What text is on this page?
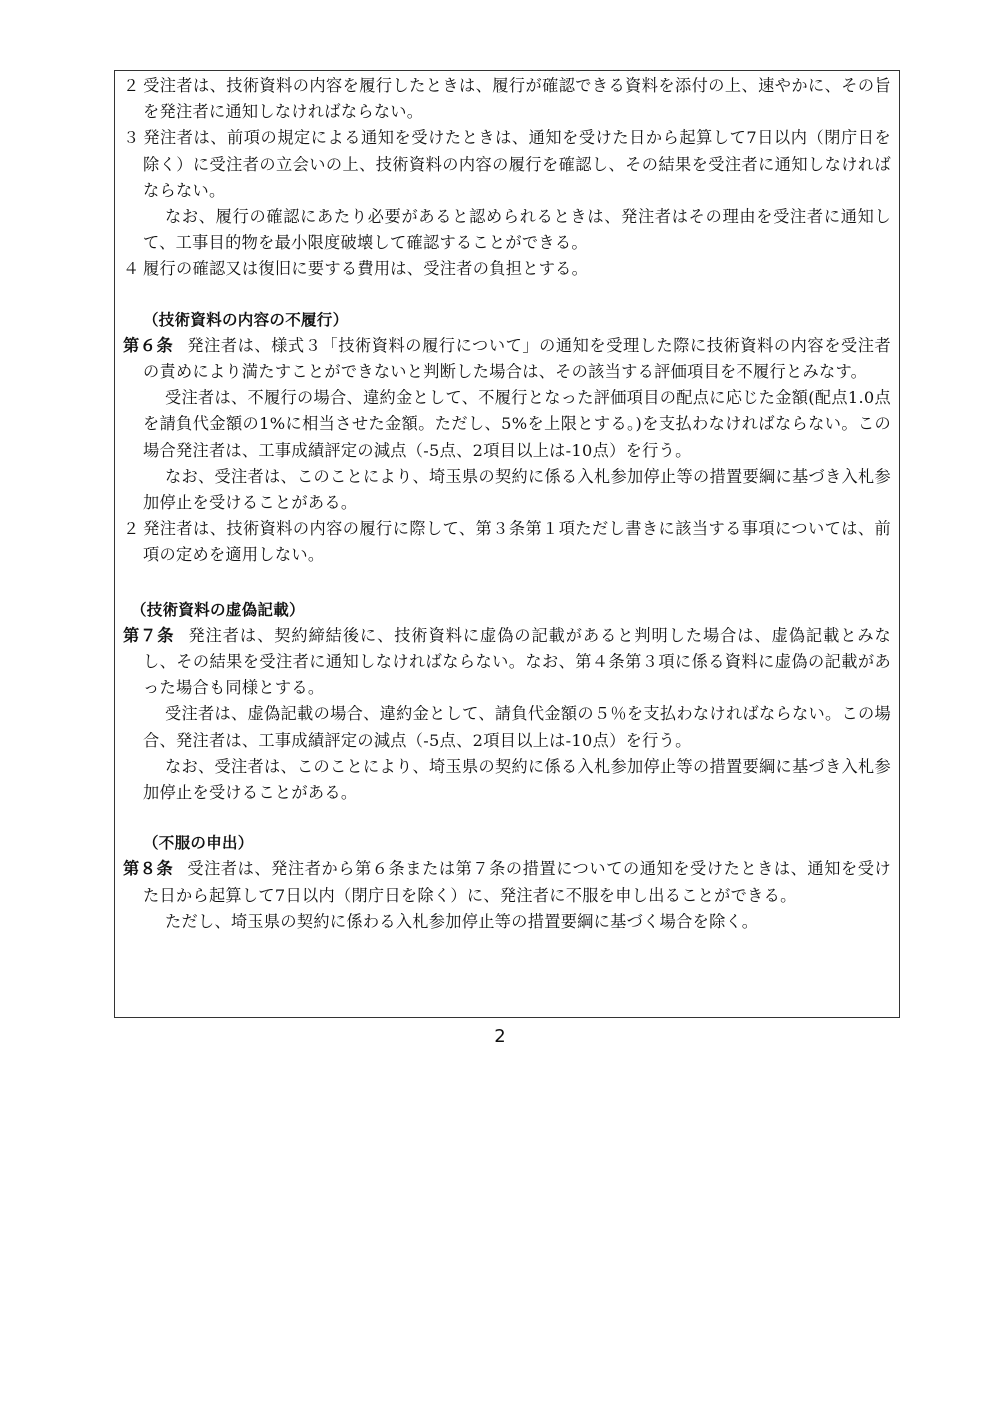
２ 受注者は、技術資料の内容を履行したときは、履行が確認できる資料を添付の上、速やかに、その旨を発注者に通知しなければならない。

３ 発注者は、前項の規定による通知を受けたときは、通知を受けた日から起算して7日以内（閉庁日を除く）に受注者の立会いの上、技術資料の内容の履行を確認し、その結果を受注者に通知しなければならない。

なお、履行の確認にあたり必要があると認められるときは、発注者はその理由を受注者に通知して、工事目的物を最小限度破壊して確認することができる。

４ 履行の確認又は復旧に要する費用は、受注者の負担とする。

（技術資料の内容の不履行）

第６条 発注者は、様式３「技術資料の履行について」の通知を受理した際に技術資料の内容を受注者の責めにより満たすことができないと判断した場合は、その該当する評価項目を不履行とみなす。

受注者は、不履行の場合、違約金として、不履行となった評価項目の配点に応じた金額(配点1.0点を請負代金額の1%に相当させた金額。ただし、5%を上限とする。)を支払わなければならない。この場合発注者は、工事成績評定の減点（-5点、2項目以上は-10点）を行う。

なお、受注者は、このことにより、埼玉県の契約に係る入札参加停止等の措置要綱に基づき入札参加停止を受けることがある。

２ 発注者は、技術資料の内容の履行に際して、第３条第１項ただし書きに該当する事項については、前項の定めを適用しない。

（技術資料の虚偽記載）

第７条 発注者は、契約締結後に、技術資料に虚偽の記載があると判明した場合は、虚偽記載とみなし、その結果を受注者に通知しなければならない。なお、第４条第３項に係る資料に虚偽の記載があった場合も同様とする。

受注者は、虚偽記載の場合、違約金として、請負代金額の５％を支払わなければならない。この場合、発注者は、工事成績評定の減点（-5点、2項目以上は-10点）を行う。

なお、受注者は、このことにより、埼玉県の契約に係る入札参加停止等の措置要綱に基づき入札参加停止を受けることがある。

（不服の申出）

第８条 受注者は、発注者から第６条または第７条の措置についての通知を受けたときは、通知を受けた日から起算して7日以内（閉庁日を除く）に、発注者に不服を申し出ることができる。

ただし、埼玉県の契約に係わる入札参加停止等の措置要綱に基づく場合を除く。

2
